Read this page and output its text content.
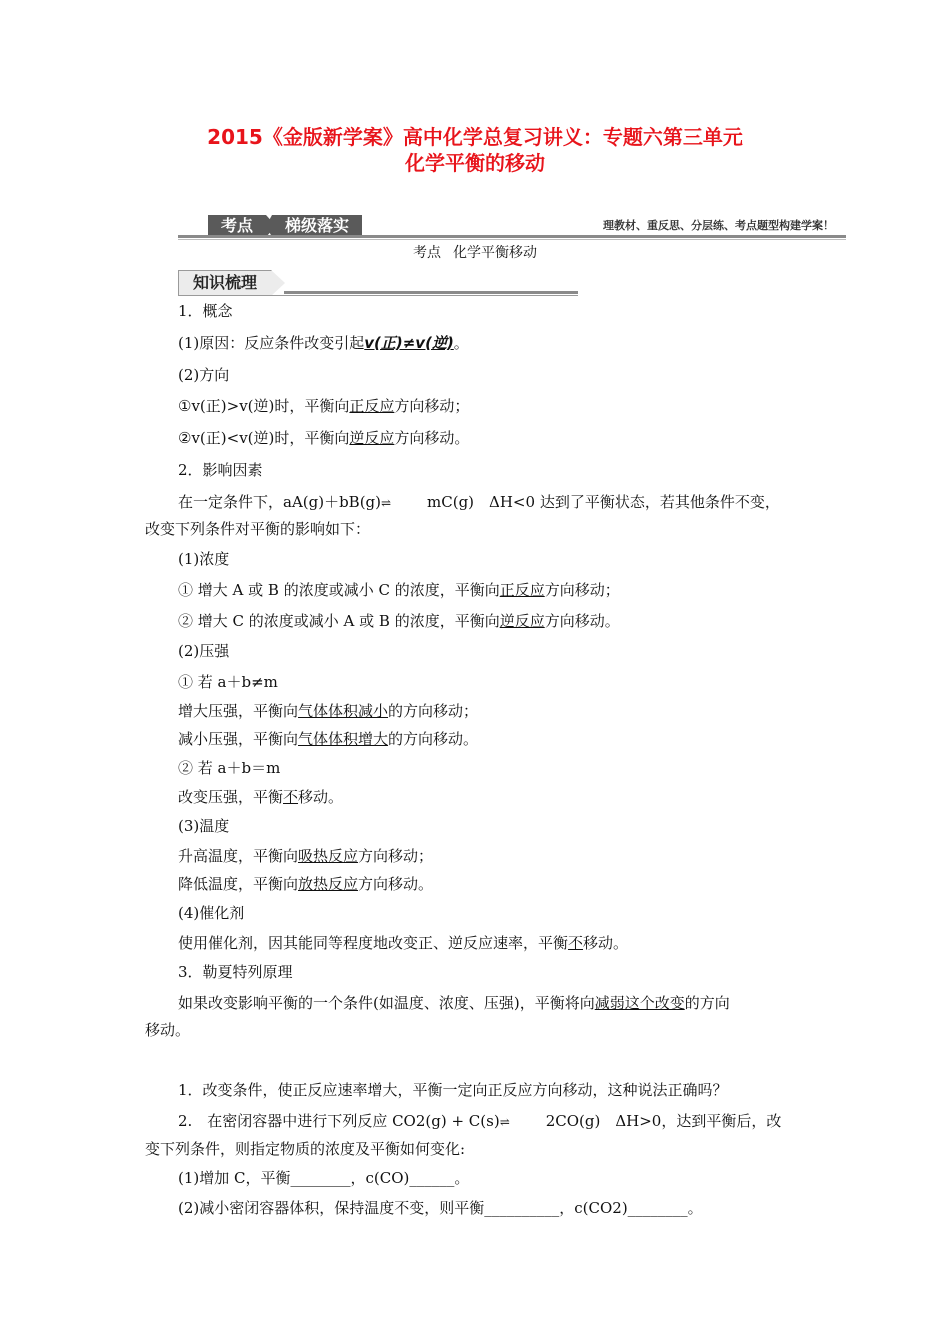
2015《金版新学案》高中化学总复习讲义：专题六第三单元
化学平衡的移动
考点	梯级落实	理教材、重反思、分层练、考点题型构建学案！
考点 化学平衡移动
知识梳理
1．概念
(1)原因：反应条件改变引起v(正)≠v(逆)。
(2)方向
①v(正)>v(逆)时，平衡向正反应方向移动；
②v(正)<v(逆)时，平衡向逆反应方向移动。
2．影响因素
在一定条件下，aA(g)＋bB(g)⇌	mC(g)　ΔH<0 达到了平衡状态，若其他条件不变，
改变下列条件对平衡的影响如下：
(1)浓度
① 增大 A 或 B 的浓度或减小 C 的浓度，平衡向正反应方向移动；
② 增大 C 的浓度或减小 A 或 B 的浓度，平衡向逆反应方向移动。
(2)压强
① 若 a＋b≠m
增大压强，平衡向气体体积减小的方向移动；
减小压强，平衡向气体体积增大的方向移动。
② 若 a＋b＝m
改变压强，平衡不移动。
(3)温度
升高温度，平衡向吸热反应方向移动；
降低温度，平衡向放热反应方向移动。
(4)催化剂
使用催化剂，因其能同等程度地改变正、逆反应速率，平衡不移动。
3．勒夏特列原理
如果改变影响平衡的一个条件(如温度、浓度、压强)，平衡将向减弱这个改变的方向
移动。
1．改变条件，使正反应速率增大，平衡一定向正反应方向移动，这种说法正确吗？
2.　在密闭容器中进行下列反应 CO2(g) + C(s)⇌	2CO(g)　ΔH>0，达到平衡后，改
变下列条件，则指定物质的浓度及平衡如何变化:
(1)增加 C，平衡________，c(CO)______。
(2)减小密闭容器体积，保持温度不变，则平衡__________，c(CO2)________。
